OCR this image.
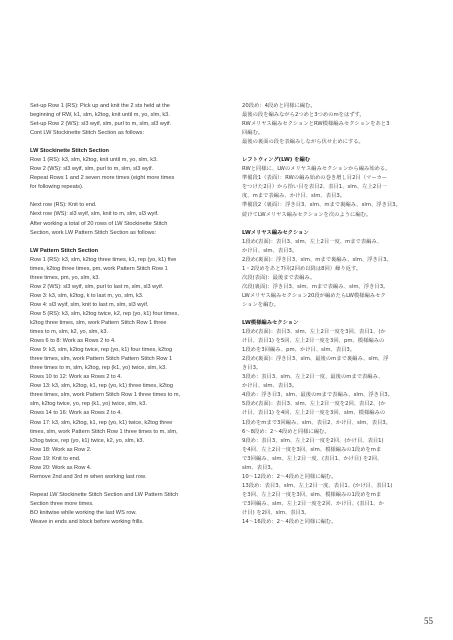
Set-up Row 1 (RS): Pick up and knit the 2 sts held at the

beginning of RW, k1, slm, k2tog, knit until m, yo, slm, k3.

Set-up Row 2 (WS): sl3 wyif, slm, purl to m, slm, sl3 wyif.

Cont LW Stockinette Stitch Section as follows:

LW Stockinette Stitch Section

Row 1 (RS): k3, slm, k2tog, knit until m, yo, slm, k3.

Row 2 (WS): sl3 wyif, slm, purl to m, slm, sl3 wyif.

Repeat Rows 1 and 2 seven more times (eight more times

for following repeats).

Next row (RS): Knit to end.

Next row (WS): sl3 wyif, slm, knit to m, slm, sl3 wyif.

After working a total of 20 rows of LW Stockinette Stitch

Section, work LW Pattern Stitch Section as follows:

LW Pattern Stitch Section

Row 1 (RS): k3, slm, k2tog three times, k1, rep (yo, k1) five

times, k2tog three times, pm, work Pattern Stitch Row 1

three times, pm, yo, slm, k3.

Row 2 (WS): sl3 wyif, slm, purl to last m, slm, sl3 wyif.

Row 3: k3, slm, k2tog, k to last m, yo, slm, k3.

Row 4: sl3 wyif, slm, knit to last m, slm, sl3 wyif.

Row 5 (RS): k3, slm, k2tog twice, k2, rep (yo, k1) four times,

k2tog three times, slm, work Pattern Stitch Row 1 three

times to m, slm, k2, yo, slm, k3.

Rows 6 to 8: Work as Rows 2 to 4.

Row 9: k3, slm, k2tog twice, rep (yo, k1) four times, k2tog

three times, slm, work Pattern Stitch Pattern Stitch Row 1

three times to m, slm, k2tog, rep (k1, yo) twice, slm, k3.

Rows 10 to 12: Work as Rows 2 to 4.

Row 13: k3, slm, k2tog, k1, rep (yo, k1) three times, k2tog

three times, slm, work Pattern Stitch Row 1 three times to m,

slm, k2tog twice, yo, rep (k1, yo) twice, slm, k3.

Rows 14 to 16: Work as Rows 2 to 4.

Row 17: k3, slm, k2tog, k1, rep (yo, k1) twice, k2tog three

times, slm, work Pattern Stitch Row 1 three times to m, slm,

k2tog twice, rep (yo, k1) twice, k2, yo, slm, k3.

Row 18: Work as Row 2.

Row 19: Knit to end.

Row 20: Work as Row 4.

Remove 2nd and 3rd m when working last row.

Repeat LW Stockinette Stitch Section and LW Pattern Stitch

Section three more times.

BO knitwise while working the last WS row.

Weave in ends and block before working frills.

20段め：4段めと同様に編む。

最後の段を編みながら2つめと3つめのmをはずす。

RWメリヤス編みセクションとRW模様編みセクションをあと3

回編む。

最後の裏面の段を表編みしながら伏せ止めにする。

レフトウィング(LW) を編む

RWと同様に、LWのメリヤス編みセクションから編み始める。

準備段1（表面）：RWの編み始めの巻き増し目2目（マーカー

をつけた2目）から拾い目を表目2、表目1、slm、左上2目一

度、mまで表編み、かけ目、slm、表目3。

準備段2（裏面）：浮き目3、slm、mまで裏編み、slm、浮き目3。

続けてLWメリヤス編みセクションを次のように編む。

LWメリヤス編みセクション

1段め(表面)：表目3、slm、左上2目一度、mまで表編み、

かけ目、slm、表目3。

2段め(裏面)：浮き目3、slm、mまで裏編み、slm、浮き目3。

1・2段めをあと7回(2回め以降は8回）繰り返す。

次段(表面)：最後まで表編み。

次段(裏面)：浮き目3、slm、mまで表編み、slm、浮き目3。

LWメリヤス編みセクション20段が編めたらLW模様編みセク

ションを編む。

LW模様編みセクション

1段め(表面)：表目3、slm、左上2目一度を3回、表目1、(か

け目、表目1) を5回、左上2目一度を3回、pm、模様編みの

1段めを3回編み、pm、かけ目、slm、表目3。

2段め(裏面)：浮き目3、slm、最後のmまで裏編み、slm、浮

き目3。

3段め：表目3、slm、左上2目一度、最後のmまで表編み、

かけ目、slm、表目3。

4段め：浮き目3、slm、最後のmまで表編み、slm、浮き目3。

5段め(表面)：表目3、slm、左上2目一度を2回、表目2、(か

け目、表目1) を4回、左上2目一度を3回、slm、模様編みの

1段めをmまで3回編み、slm、表目2、かけ目、slm、表目3。

6～8段め：2～4段めと同様に編む。

9段め：表目3、slm、左上2目一度を2回、(かけ目、表目1)

を4回、左上2目一度を3回、slm、模様編みの1段めをmま

で3回編み、slm、左上2目一度、(表目1、かけ目) を2回、

slm、表目3。

10～12段め：2～4段めと同様に編む。

13段め：表目3、slm、左上2目一度、表目1、(かけ目、表目1)

を3回、左上2目一度を3回、slm、模様編みの1段めをmま

で3回編み、slm、左上2目一度を2回、かけ目、(表目1、か

け目) を2回、slm、表目3。

14～16段め：2～4段めと同様に編む。

55
